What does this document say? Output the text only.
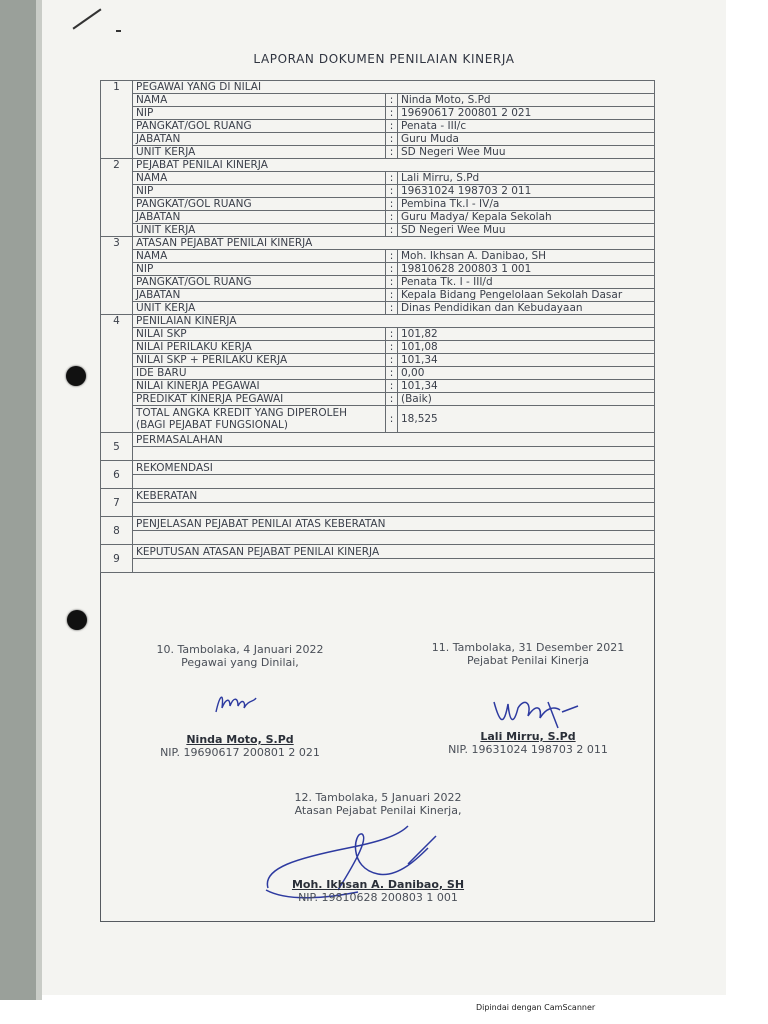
LAPORAN DOKUMEN PENILAIAN KINERJA
1	PEGAWAI YANG DI NILAI		
	NAMA	:	Ninda Moto, S.Pd
	NIP	:	19690617 200801 2 021
	PANGKAT/GOL RUANG	:	Penata - III/c
	JABATAN	:	Guru Muda
	UNIT KERJA	:	SD Negeri Wee Muu
2	PEJABAT PENILAI KINERJA		
	NAMA	:	Lali Mirru, S.Pd
	NIP	:	19631024 198703 2 011
	PANGKAT/GOL RUANG	:	Pembina Tk.I - IV/a
	JABATAN	:	Guru Madya/ Kepala Sekolah
	UNIT KERJA	:	SD Negeri Wee Muu
3	ATASAN PEJABAT PENILAI KINERJA		
	NAMA	:	Moh. Ikhsan A. Danibao, SH
	NIP	:	19810628 200803 1 001
	PANGKAT/GOL RUANG	:	Penata Tk. I - III/d
	JABATAN	:	Kepala Bidang Pengelolaan Sekolah Dasar
	UNIT KERJA	:	Dinas Pendidikan dan Kebudayaan
4	PENILAIAN KINERJA		
	NILAI SKP	:	101,82
	NILAI PERILAKU KERJA	:	101,08
	NILAI SKP + PERILAKU KERJA	:	101,34
	IDE BARU	:	0,00
	NILAI KINERJA PEGAWAI	:	101,34
	PREDIKAT KINERJA PEGAWAI	:	(Baik)

	TOTAL ANGKA KREDIT YANG DIPEROLEH
(BAGI PEJABAT FUNGSIONAL)	:	18,525
5	PERMASALAHAN		

6	REKOMENDASI		

7	KEBERATAN		

8	PENJELASAN PEJABAT PENILAI ATAS KEBERATAN		

9	KEPUTUSAN ATASAN PEJABAT PENILAI KINERJA		

10. Tambolaka, 4 Januari 2022
Pegawai yang Dinilai,
Ninda Moto, S.Pd
NIP. 19690617 200801 2 021
11. Tambolaka, 31 Desember 2021
Pejabat Penilai Kinerja
Lali Mirru, S.Pd
NIP. 19631024 198703 2 011
12. Tambolaka, 5 Januari 2022
Atasan Pejabat Penilai Kinerja,
Moh. Ikhsan A. Danibao, SH
NIP. 19810628 200803 1 001
Dipindai dengan CamScanner
